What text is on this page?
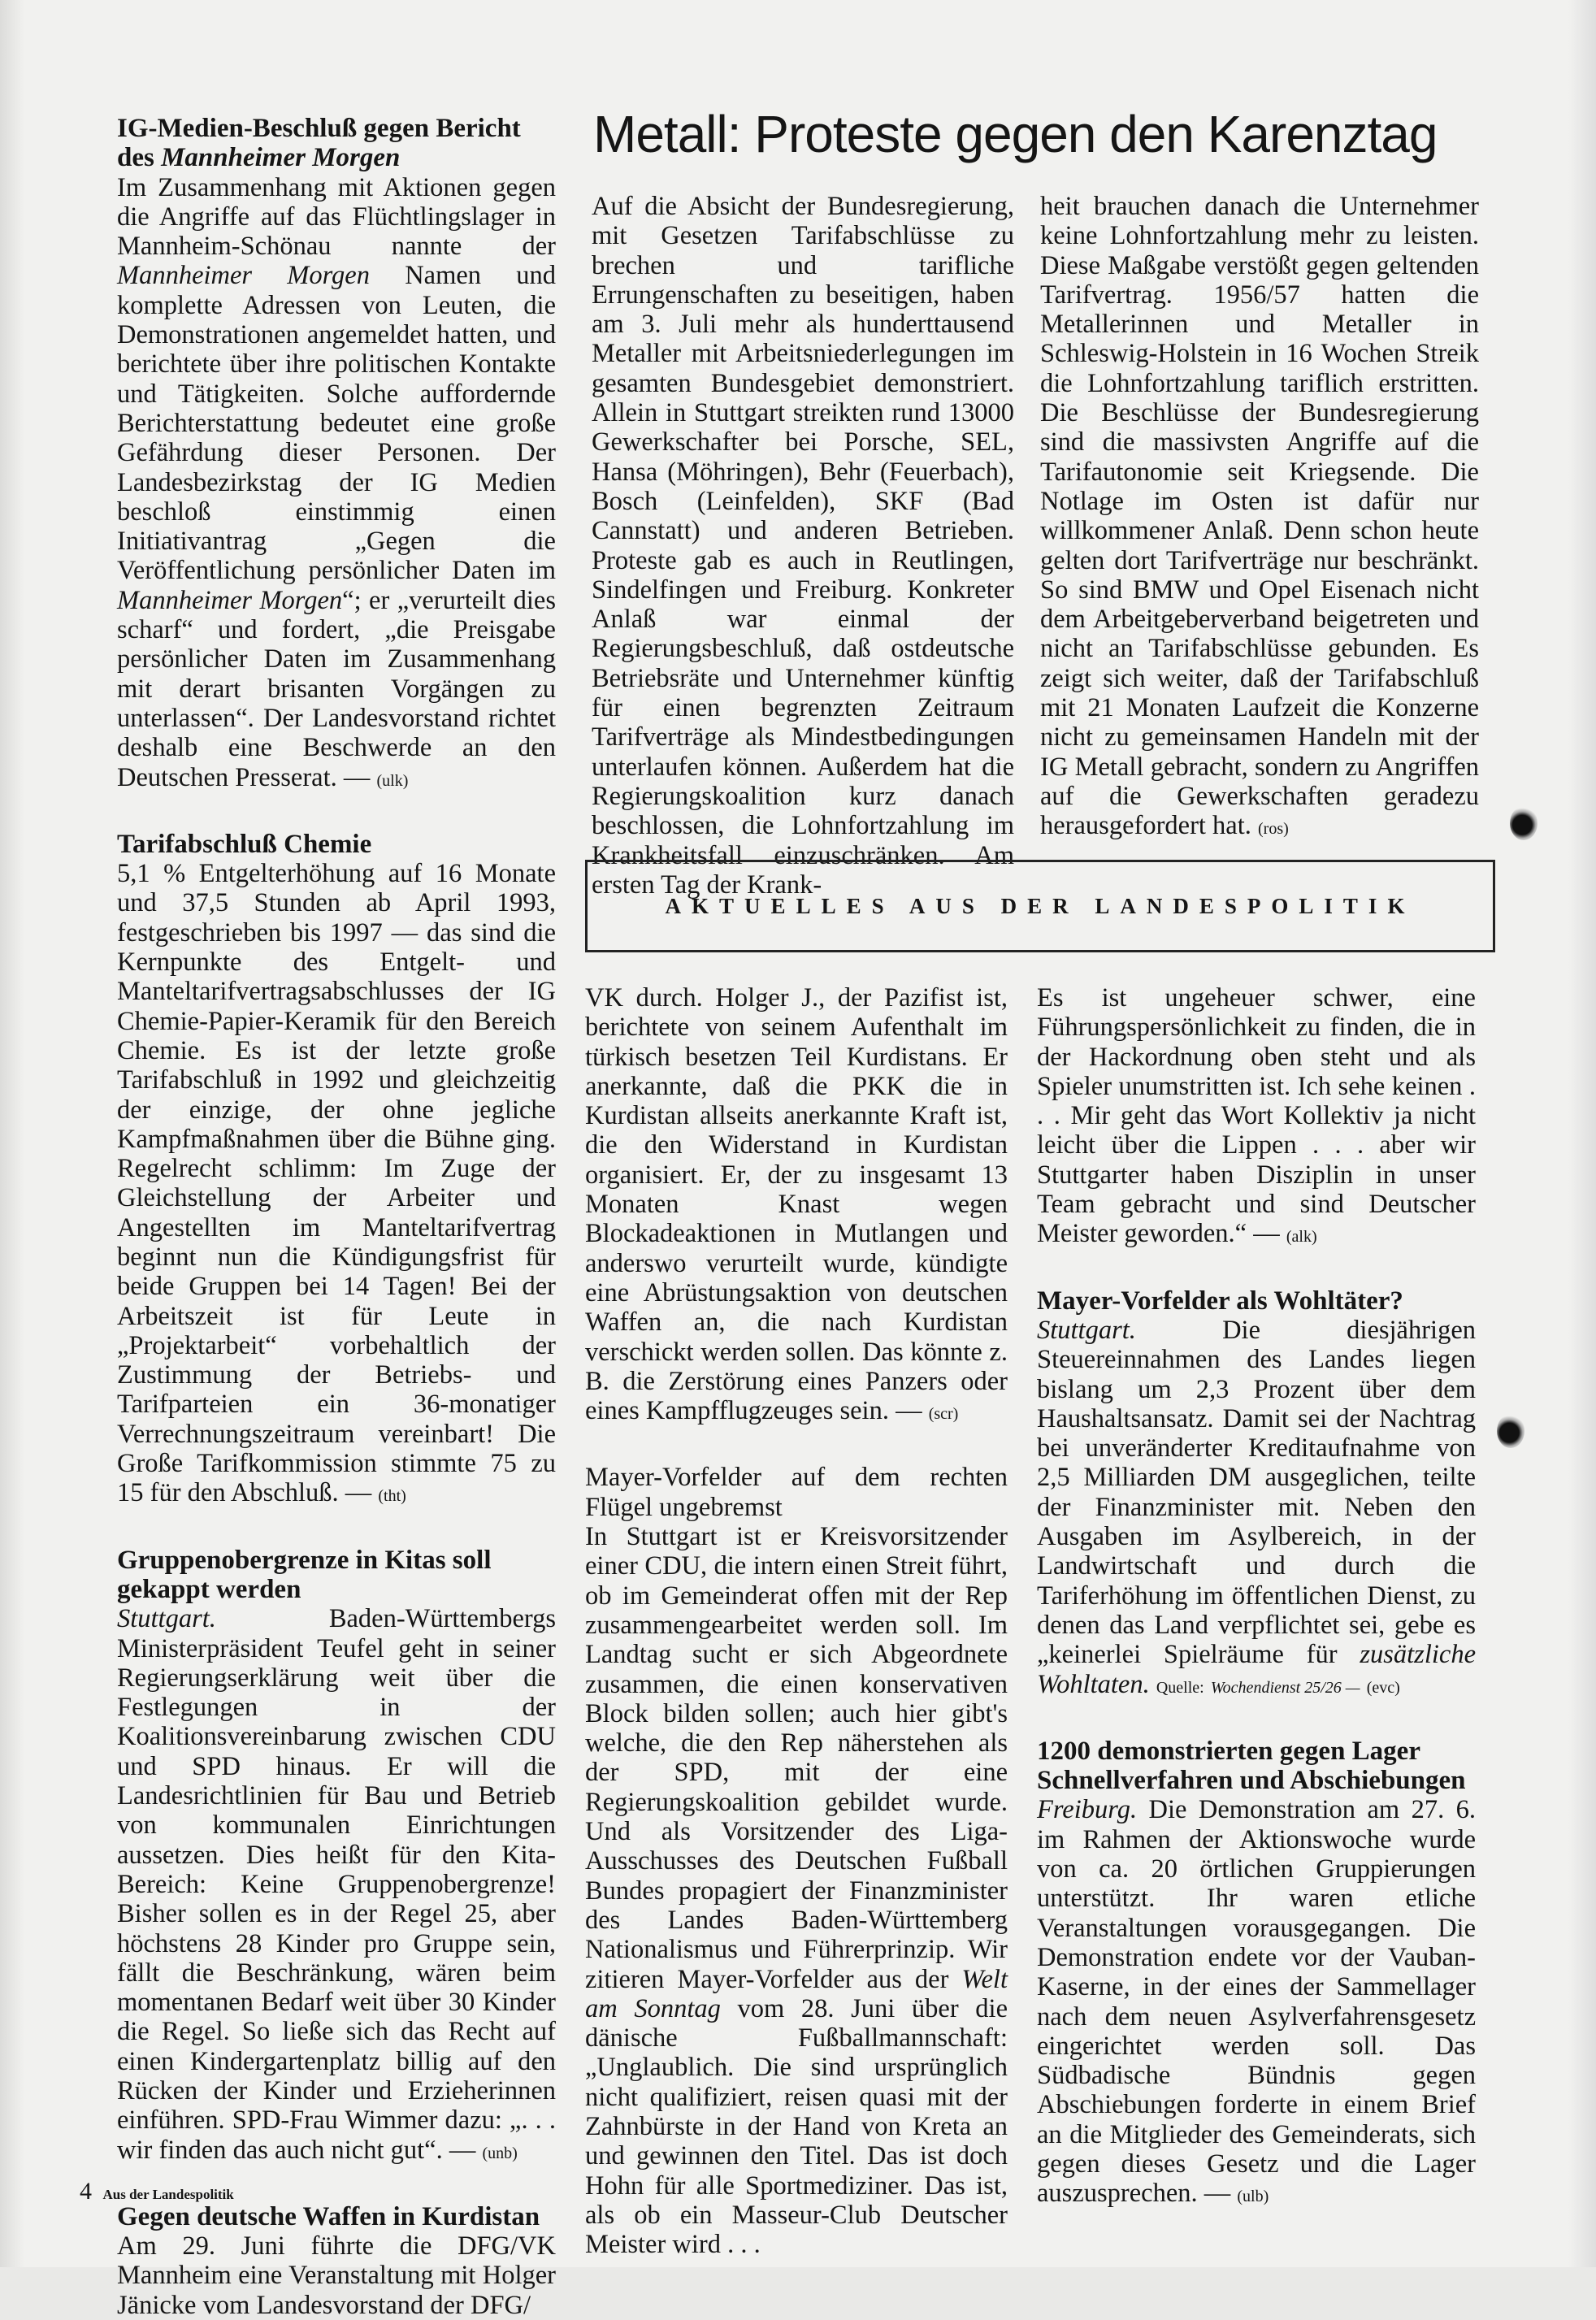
IG-Medien-Beschluß gegen Bericht des Mannheimer Morgen

Im Zusammenhang mit Aktionen gegen die Angriffe auf das Flüchtlingslager in Mannheim-Schönau nannte der Mannheimer Morgen Namen und komplette Adressen von Leuten, die Demonstrationen angemeldet hatten, und berichtete über ihre politischen Kontakte und Tätigkeiten. Solche auffordernde Berichterstattung bedeutet eine große Gefährdung dieser Personen. Der Landesbezirkstag der IG Medien beschloß einstimmig einen Initiativantrag „Gegen die Veröffentlichung persönlicher Daten im Mannheimer Morgen“; er „verurteilt dies scharf“ und fordert, „die Preisgabe persönlicher Daten im Zusammenhang mit derart brisanten Vorgängen zu unterlassen“. Der Landesvorstand richtet deshalb eine Beschwerde an den Deutschen Presserat. — (ulk)

Tarifabschluß Chemie

5,1 % Entgelterhöhung auf 16 Monate und 37,5 Stunden ab April 1993, festgeschrieben bis 1997 — das sind die Kernpunkte des Entgelt- und Manteltarifvertragsabschlusses der IG Chemie-Papier-Keramik für den Bereich Chemie. Es ist der letzte große Tarifabschluß in 1992 und gleichzeitig der einzige, der ohne jegliche Kampfmaßnahmen über die Bühne ging. Regelrecht schlimm: Im Zuge der Gleichstellung der Arbeiter und Angestellten im Manteltarifvertrag beginnt nun die Kündigungsfrist für beide Gruppen bei 14 Tagen! Bei der Arbeitszeit ist für Leute in „Projektarbeit“ vorbehaltlich der Zustimmung der Betriebs- und Tarifparteien ein 36-monatiger Verrechnungszeitraum vereinbart! Die Große Tarifkommission stimmte 75 zu 15 für den Abschluß. — (tht)

Gruppenobergrenze in Kitas soll gekappt werden

Stuttgart.	Baden-Württembergs Ministerpräsident Teufel geht in seiner Regierungserklärung weit über die Festlegungen in der Koalitionsvereinbarung zwischen CDU und SPD hinaus. Er will die Landesrichtlinien für Bau und Betrieb von kommunalen Einrichtungen aussetzen. Dies heißt für den Kita-Bereich: Keine Gruppenobergrenze! Bisher sollen es in der Regel 25, aber höchstens 28 Kinder pro Gruppe sein, fällt die Beschränkung, wären beim momentanen Bedarf weit über 30 Kinder die Regel. So ließe sich das Recht auf einen Kindergartenplatz billig auf den Rücken der Kinder und Erzieherinnen einführen. SPD-Frau Wimmer dazu: „. . . wir finden das auch nicht gut“. — (unb)

Gegen deutsche Waffen in Kurdistan

Am 29. Juni führte die DFG/VK Mannheim eine Veranstaltung mit Holger Jänicke vom Landesvorstand der DFG/

Metall: Proteste gegen den Karenztag

Auf die Absicht der Bundesregierung, mit Gesetzen Tarifabschlüsse zu brechen und tarifliche Errungenschaften zu beseitigen, haben am 3. Juli mehr als hunderttausend Metaller mit Arbeitsniederlegungen im gesamten Bundesgebiet demonstriert. Allein in Stuttgart streikten rund 13000 Gewerkschafter bei Porsche, SEL, Hansa (Möhringen), Behr (Feuerbach), Bosch (Leinfelden), SKF (Bad Cannstatt) und anderen Betrieben. Proteste gab es auch in Reutlingen, Sindelfingen und Freiburg. Konkreter Anlaß war einmal der Regierungsbeschluß, daß ostdeutsche Betriebsräte und Unternehmer künftig für einen begrenzten Zeitraum Tarifverträge als Mindestbedingungen unterlaufen können. Außerdem hat die Regierungskoalition kurz danach beschlossen, die Lohnfortzahlung im Krankheitsfall einzuschränken. Am ersten Tag der Krank-

heit brauchen danach die Unternehmer keine Lohnfortzahlung mehr zu leisten. Diese Maßgabe verstößt gegen geltenden Tarifvertrag. 1956/57 hatten die Metallerinnen und Metaller in Schleswig-Holstein in 16 Wochen Streik die Lohnfortzahlung tariflich erstritten. Die Beschlüsse der Bundesregierung sind die massivsten Angriffe auf die Tarifautonomie seit Kriegsende. Die Notlage im Osten ist dafür nur willkommener Anlaß. Denn schon heute gelten dort Tarifverträge nur beschränkt. So sind BMW und Opel Eisenach nicht dem Arbeitgeberverband beigetreten und nicht an Tarifabschlüsse gebunden. Es zeigt sich weiter, daß der Tarifabschluß mit 21 Monaten Laufzeit die Konzerne nicht zu gemeinsamen Handeln mit der IG Metall gebracht, sondern zu Angriffen auf die Gewerkschaften geradezu herausgefordert hat. (ros)

AKTUELLES AUS DER LANDESPOLITIK

VK durch. Holger J., der Pazifist ist, berichtete von seinem Aufenthalt im türkisch besetzen Teil Kurdistans. Er anerkannte, daß die PKK die in Kurdistan allseits anerkannte Kraft ist, die den Widerstand in Kurdistan organisiert. Er, der zu insgesamt 13 Monaten Knast wegen Blockadeaktionen in Mutlangen und anderswo verurteilt wurde, kündigte eine Abrüstungsaktion von deutschen Waffen an, die nach Kurdistan verschickt werden sollen. Das könnte z. B. die Zerstörung eines Panzers oder eines Kampfflugzeuges sein. — (scr)

Mayer-Vorfelder auf dem rechten Flügel ungebremst

In Stuttgart ist er Kreisvorsitzender einer CDU, die intern einen Streit führt, ob im Gemeinderat offen mit der Rep zusammengearbeitet werden soll. Im Landtag sucht er sich Abgeordnete zusammen, die einen konservativen Block bilden sollen; auch hier gibt's welche, die den Rep näherstehen als der SPD, mit der eine Regierungskoalition gebildet wurde. Und als Vorsitzender des Liga-Ausschusses des Deutschen Fußball Bundes propagiert der Finanzminister des Landes Baden-Württemberg Nationalismus und Führerprinzip. Wir zitieren Mayer-Vorfelder aus der Welt am Sonntag vom 28. Juni über die dänische Fußballmannschaft: „Unglaublich. Die sind ursprünglich nicht qualifiziert, reisen quasi mit der Zahnbürste in der Hand von Kreta an und gewinnen den Titel. Das ist doch Hohn für alle Sportmediziner. Das ist, als ob ein Masseur-Club Deutscher Meister wird . . .

Es ist ungeheuer schwer, eine Führungspersönlichkeit zu finden, die in der Hackordnung oben steht und als Spieler unumstritten ist. Ich sehe keinen . . . Mir geht das Wort Kollektiv ja nicht leicht über die Lippen . . . aber wir Stuttgarter haben Disziplin in unser Team gebracht und sind Deutscher Meister geworden.“ — (alk)

Mayer-Vorfelder als Wohltäter?

Stuttgart.	Die diesjährigen Steuereinnahmen des Landes liegen bislang um 2,3 Prozent über dem Haushaltsansatz. Damit sei der Nachtrag bei unveränderter Kreditaufnahme von 2,5 Milliarden DM ausgeglichen, teilte der Finanzminister mit. Neben den Ausgaben im Asylbereich, in der Landwirtschaft und durch die Tariferhöhung im öffentlichen Dienst, zu denen das Land verpflichtet sei, gebe es „keinerlei Spielräume für zusätzliche Wohltaten. Quelle: Wochendienst 25/26 — (evc)

1200 demonstrierten gegen Lager Schnellverfahren und Abschiebungen

Freiburg. Die Demonstration am 27. 6. im Rahmen der Aktionswoche wurde von ca. 20 örtlichen Gruppierungen unterstützt. Ihr waren etliche Veranstaltungen vorausgegangen. Die Demonstration endete vor der Vauban-Kaserne, in der eines der Sammellager nach dem neuen Asylverfahrensgesetz eingerichtet werden soll. Das Südbadische Bündnis gegen Abschiebungen forderte in einem Brief an die Mitglieder des Gemeinderats, sich gegen dieses Gesetz und die Lager auszusprechen. — (ulb)

4 Aus der Landespolitik
